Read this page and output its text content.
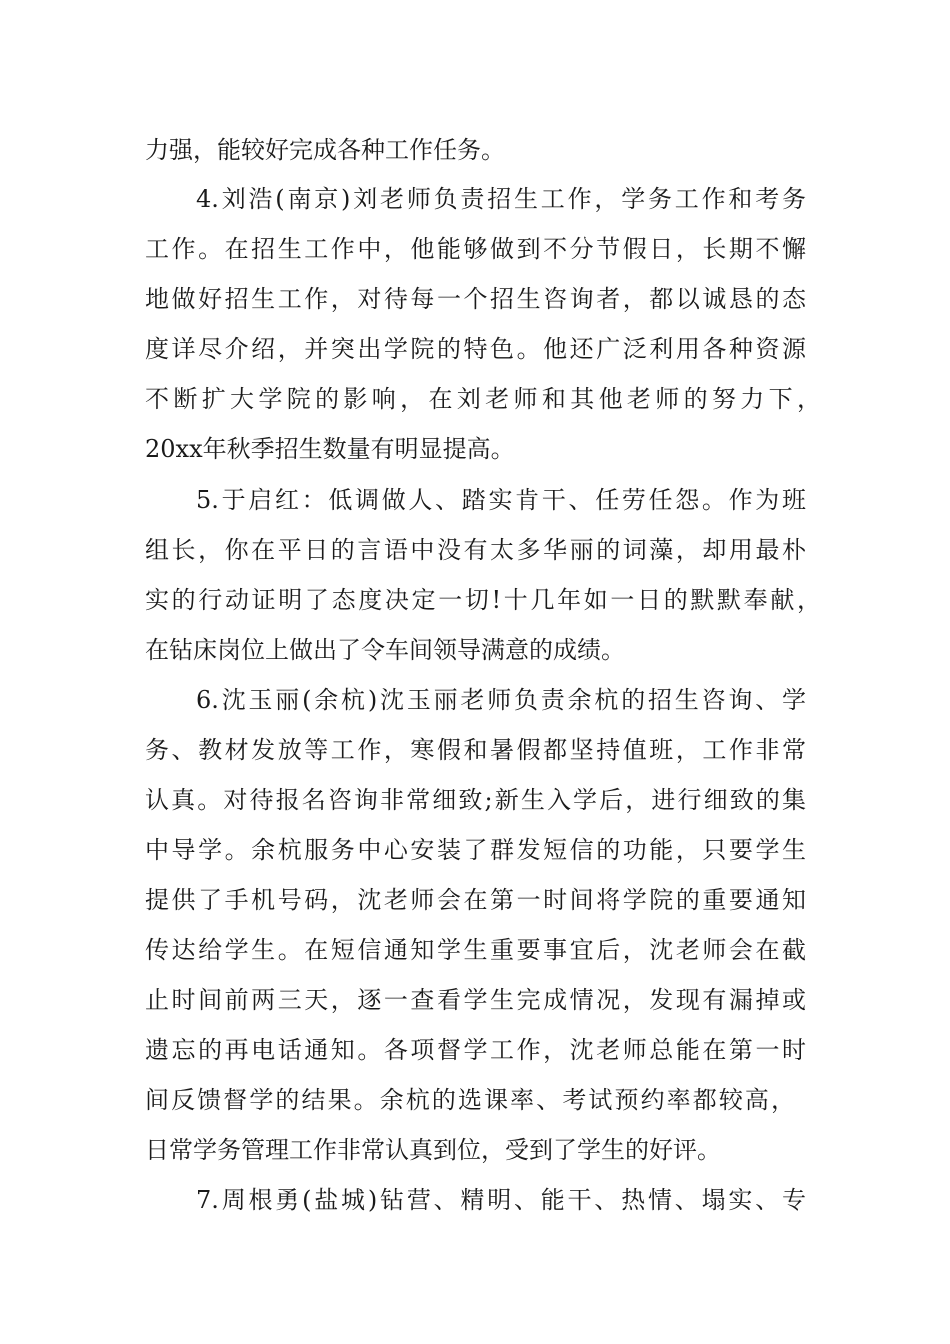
力强，能较好完成各种工作任务。
4.刘浩(南京)刘老师负责招生工作，学务工作和考务
工作。在招生工作中，他能够做到不分节假日，长期不懈
地做好招生工作，对待每一个招生咨询者，都以诚恳的态
度详尽介绍，并突出学院的特色。他还广泛利用各种资源
不断扩大学院的影响，在刘老师和其他老师的努力下，
20xx年秋季招生数量有明显提高。
5.于启红：低调做人、踏实肯干、任劳任怨。作为班
组长，你在平日的言语中没有太多华丽的词藻，却用最朴
实的行动证明了态度决定一切!十几年如一日的默默奉献，
在钻床岗位上做出了令车间领导满意的成绩。
6.沈玉丽(余杭)沈玉丽老师负责余杭的招生咨询、学
务、教材发放等工作，寒假和暑假都坚持值班，工作非常
认真。对待报名咨询非常细致;新生入学后，进行细致的集
中导学。余杭服务中心安装了群发短信的功能，只要学生
提供了手机号码，沈老师会在第一时间将学院的重要通知
传达给学生。在短信通知学生重要事宜后，沈老师会在截
止时间前两三天，逐一查看学生完成情况，发现有漏掉或
遗忘的再电话通知。各项督学工作，沈老师总能在第一时
间反馈督学的结果。余杭的选课率、考试预约率都较高，
日常学务管理工作非常认真到位，受到了学生的好评。
7.周根勇(盐城)钻营、精明、能干、热情、塌实、专
